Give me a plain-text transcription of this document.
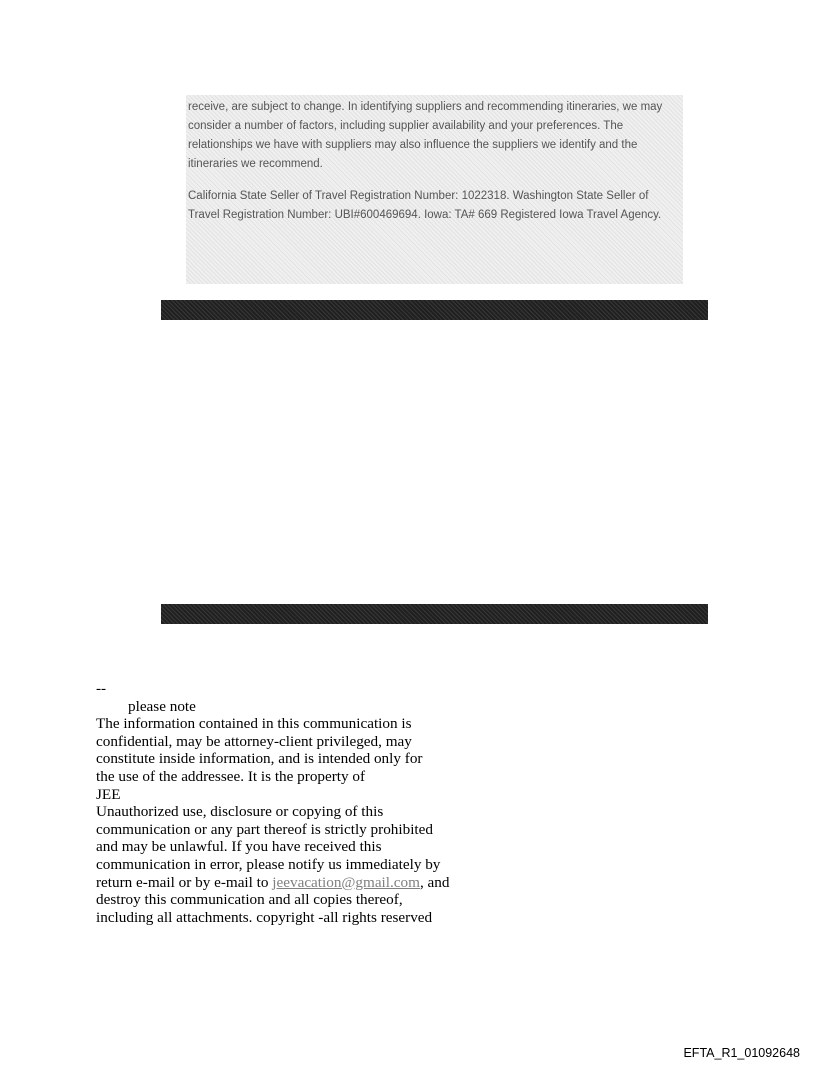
receive, are subject to change. In identifying suppliers and recommending itineraries, we may consider a number of factors, including supplier availability and your preferences. The relationships we have with suppliers may also influence the suppliers we identify and the itineraries we recommend.

California State Seller of Travel Registration Number: 1022318. Washington State Seller of Travel Registration Number: UBI#600469694. Iowa: TA# 669 Registered Iowa Travel Agency.

--
please note
The information contained in this communication is
confidential, may be attorney-client privileged, may
constitute inside information, and is intended only for
the use of the addressee. It is the property of
JEE
Unauthorized use, disclosure or copying of this
communication or any part thereof is strictly prohibited
and may be unlawful. If you have received this
communication in error, please notify us immediately by
return e-mail or by e-mail to jeevacation@gmail.com, and
destroy this communication and all copies thereof,
including all attachments. copyright -all rights reserved
EFTA_R1_01092648
